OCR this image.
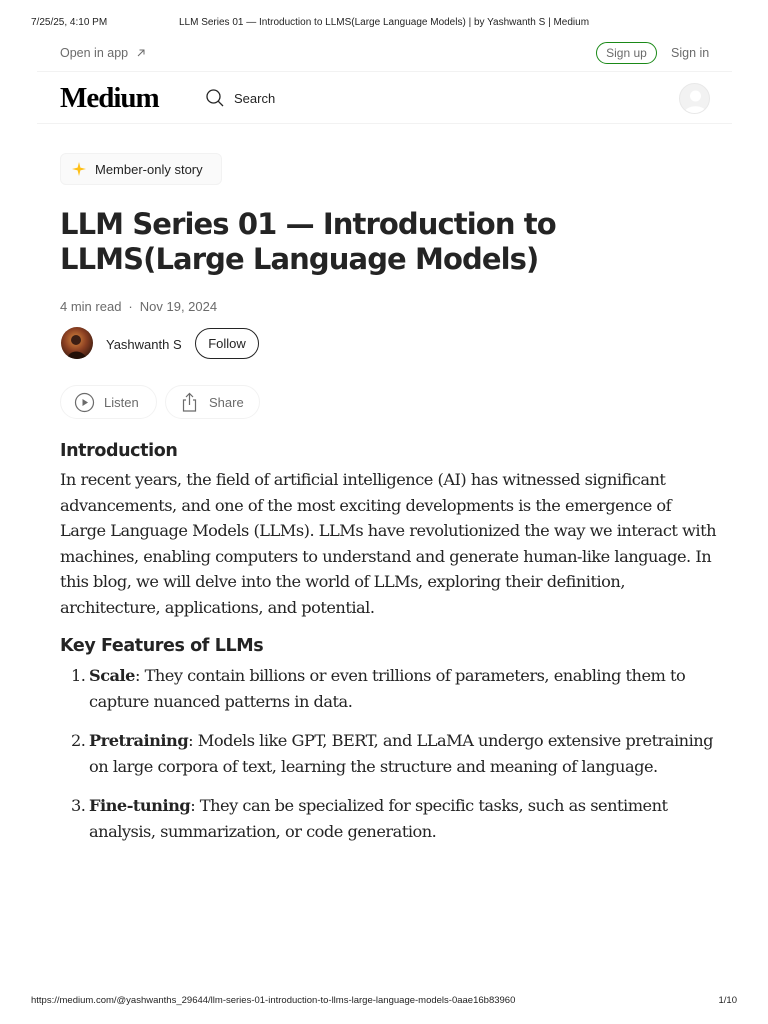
7/25/25, 4:10 PM	LLM Series 01 — Introduction to LLMS(Large Language Models) | by Yashwanth S | Medium
Open in app	Sign up Sign in
Medium
Search
Member-only story
LLM Series 01 — Introduction to LLMS(Large Language Models)
4 min read · Nov 19, 2024
Yashwanth S	Follow
Listen	Share
Introduction

In recent years, the field of artificial intelligence (AI) has witnessed significant advancements, and one of the most exciting developments is the emergence of Large Language Models (LLMs). LLMs have revolutionized the way we interact with machines, enabling computers to understand and generate human-like language. In this blog, we will delve into the world of LLMs, exploring their definition, architecture, applications, and potential.

Key Features of LLMs
1. Scale: They contain billions or even trillions of parameters, enabling them to capture nuanced patterns in data.
2. Pretraining: Models like GPT, BERT, and LLaMA undergo extensive pretraining on large corpora of text, learning the structure and meaning of language.
3. Fine-tuning: They can be specialized for specific tasks, such as sentiment analysis, summarization, or code generation.
https://medium.com/@yashwanths_29644/llm-series-01-introduction-to-llms-large-language-models-0aae16b83960	1/10
